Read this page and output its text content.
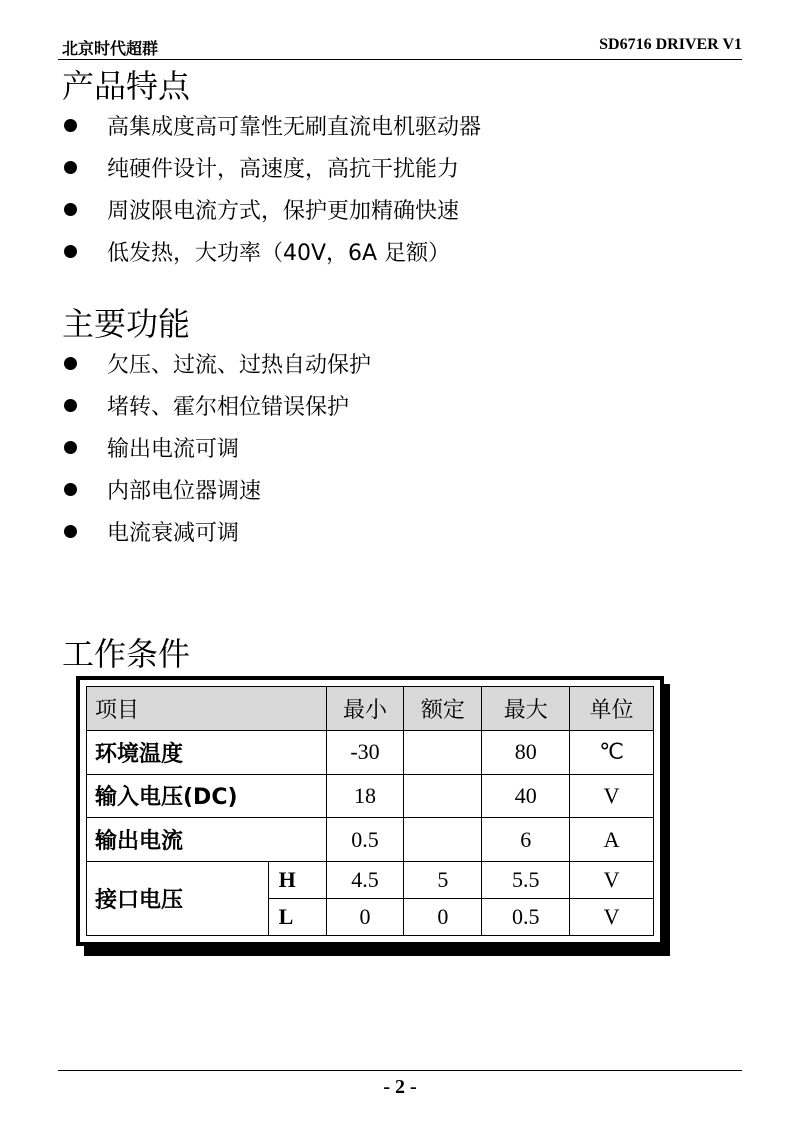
北京时代超群	SD6716 DRIVER V1
产品特点
高集成度高可靠性无刷直流电机驱动器
纯硬件设计，高速度，高抗干扰能力
周波限电流方式，保护更加精确快速
低发热，大功率（40V，6A 足额）
主要功能
欠压、过流、过热自动保护
堵转、霍尔相位错误保护
输出电流可调
内部电位器调速
电流衰减可调
工作条件
项目		最小	额定	最大	单位
环境温度		-30		80	℃
输入电压(DC)		18		40	V
输出电流		0.5		6	A
接口电压	H	4.5	5	5.5	V
	L	0	0	0.5	V
- 2 -
